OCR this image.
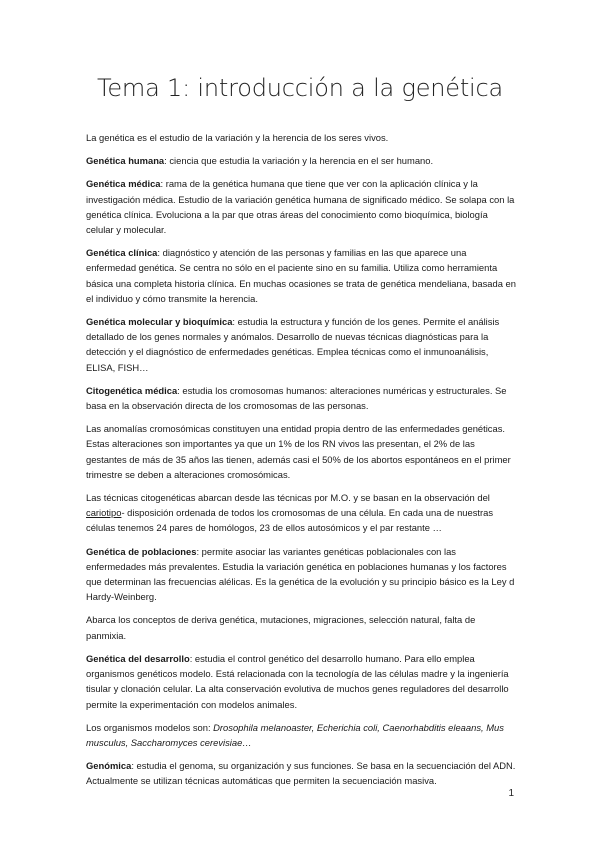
Tema 1: introducción a la genética

La genética es el estudio de la variación y la herencia de los seres vivos.

Genética humana: ciencia que estudia la variación y la herencia en el ser humano.

Genética médica: rama de la genética humana que tiene que ver con la aplicación clínica y la investigación médica. Estudio de la variación genética humana de significado médico. Se solapa con la genética clínica. Evoluciona a la par que otras áreas del conocimiento como bioquímica, biología celular y molecular.

Genética clínica: diagnóstico y atención de las personas y familias en las que aparece una enfermedad genética. Se centra no sólo en el paciente sino en su familia. Utiliza como herramienta básica una completa historia clínica. En muchas ocasiones se trata de genética mendeliana, basada en el individuo y cómo transmite la herencia.

Genética molecular y bioquímica: estudia la estructura y función de los genes. Permite el análisis detallado de los genes normales y anómalos. Desarrollo de nuevas técnicas diagnósticas para la detección y el diagnóstico de enfermedades genéticas. Emplea técnicas como el inmunoanálisis, ELISA, FISH…

Citogenética médica: estudia los cromosomas humanos: alteraciones numéricas y estructurales. Se basa en la observación directa de los cromosomas de las personas.

Las anomalías cromosómicas constituyen una entidad propia dentro de las enfermedades genéticas. Estas alteraciones son importantes ya que un 1% de los RN vivos las presentan, el 2% de las gestantes de más de 35 años las tienen, además casi el 50% de los abortos espontáneos en el primer trimestre se deben a alteraciones cromosómicas.

Las técnicas citogenéticas abarcan desde las técnicas por M.O. y se basan en la observación del cariotipo- disposición ordenada de todos los cromosomas de una célula. En cada una de nuestras células tenemos 24 pares de homólogos, 23 de ellos autosómicos y el par restante …

Genética de poblaciones: permite asociar las variantes genéticas poblacionales con las enfermedades más prevalentes. Estudia la variación genética en poblaciones humanas y los factores que determinan las frecuencias alélicas. Es la genética de la evolución y su principio básico es la Ley d Hardy-Weinberg.

Abarca los conceptos de deriva genética, mutaciones, migraciones, selección natural, falta de panmixia.

Genética del desarrollo: estudia el control genético del desarrollo humano. Para ello emplea organismos genéticos modelo. Está relacionada con la tecnología de las células madre y la ingeniería tisular y clonación celular. La alta conservación evolutiva de muchos genes reguladores del desarrollo permite la experimentación con modelos animales.

Los organismos modelos son: Drosophila melanoaster, Echerichia coli, Caenorhabditis eleaans, Mus musculus, Saccharomyces cerevisiae…

Genómica: estudia el genoma, su organización y sus funciones. Se basa en la secuenciación del ADN. Actualmente se utilizan técnicas automáticas que permiten la secuenciación masiva.

1
